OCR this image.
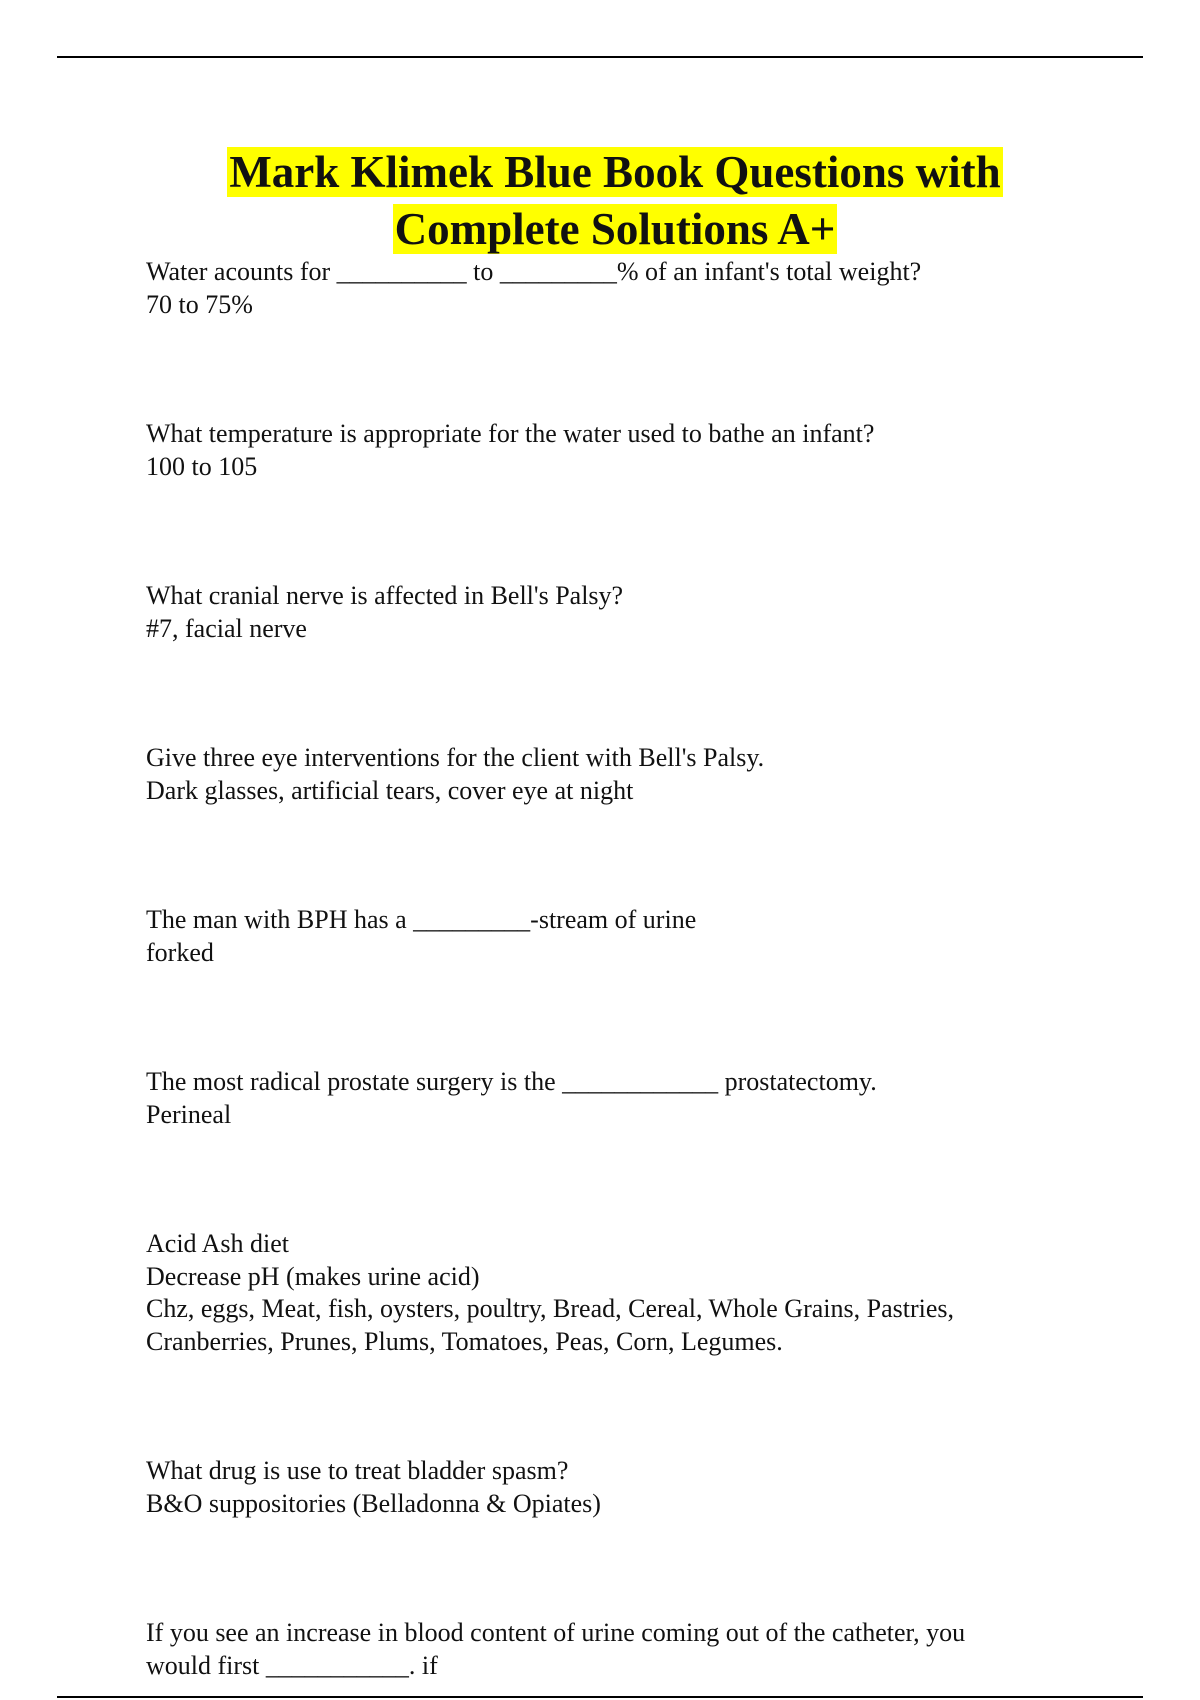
Mark Klimek Blue Book Questions with
Complete Solutions A+
Water acounts for __________ to _________% of an infant's total weight?
70 to 75%
What temperature is appropriate for the water used to bathe an infant?
100 to 105
What cranial nerve is affected in Bell's Palsy?
#7, facial nerve
Give three eye interventions for the client with Bell's Palsy.
Dark glasses, artificial tears, cover eye at night
The man with BPH has a _________-stream of urine
forked
The most radical prostate surgery is the ____________ prostatectomy.
Perineal
Acid Ash diet
Decrease pH (makes urine acid)
Chz, eggs, Meat, fish, oysters, poultry, Bread, Cereal, Whole Grains, Pastries,
Cranberries, Prunes, Plums, Tomatoes, Peas, Corn, Legumes.
What drug is use to treat bladder spasm?
B&O suppositories (Belladonna & Opiates)
If you see an increase in blood content of urine coming out of the catheter, you
would first ___________. if
